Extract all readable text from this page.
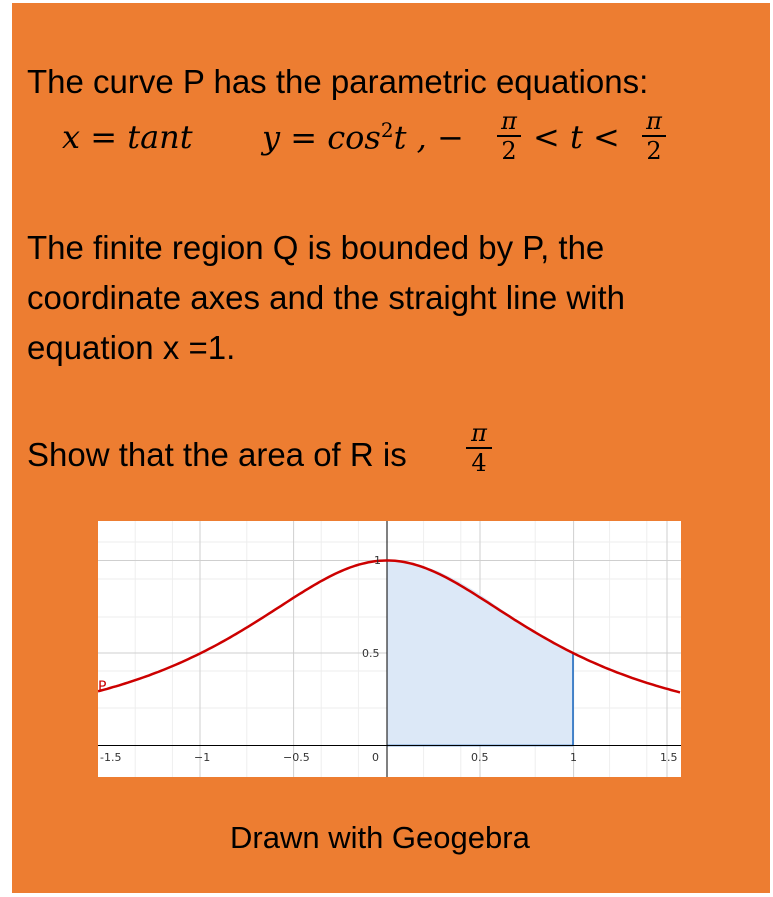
The curve P has the parametric equations:
x = tant $y = \cos^2t$ , − π
2 < t < π
2
The finite region Q is bounded by P, the
coordinate axes and the straight line with
equation x =1.
Show that the area of R is
π
4
P
-1.5	−1	−0.5	0	0.5	1	1.5
0.5
1
Drawn with Geogebra
